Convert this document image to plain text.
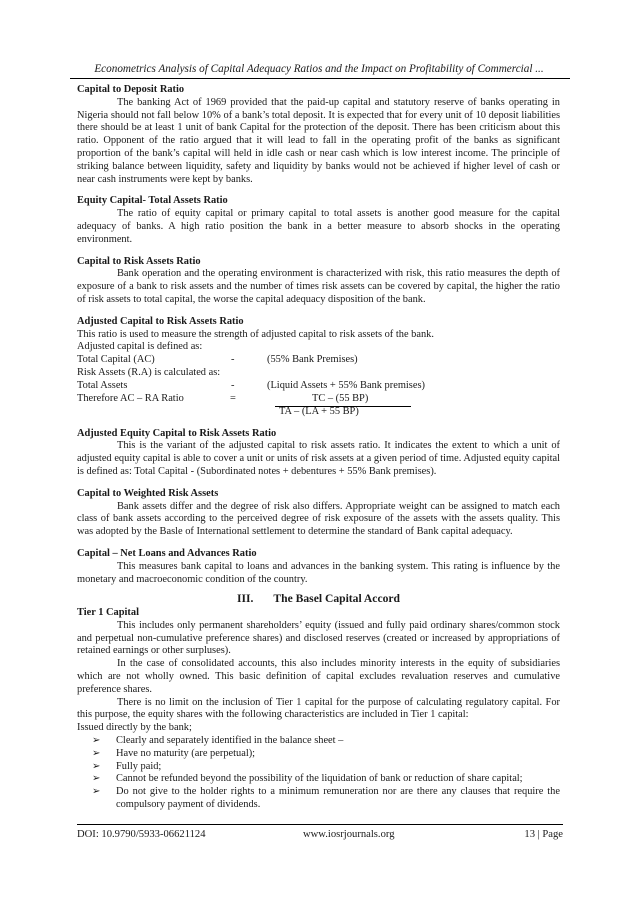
Econometrics Analysis of Capital Adequacy Ratios and the Impact on Profitability of Commercial ...
Capital to Deposit Ratio
The banking Act of 1969 provided that the paid-up capital and statutory reserve of banks operating in Nigeria should not fall below 10% of a bank’s total deposit. It is expected that for every unit of 10 deposit liabilities there should be at least 1 unit of bank Capital for the protection of the deposit. There has been criticism about this ratio. Opponent of the ratio argued that it will lead to fall in the operating profit of the banks as significant proportion of the bank’s capital will held in idle cash or near cash which is low interest income. The principle of striking balance between liquidity, safety and liquidity by banks would not be achieved if higher level of cash or near cash instruments were kept by banks.
Equity Capital- Total Assets Ratio
The ratio of equity capital or primary capital to total assets is another good measure for the capital adequacy of banks. A high ratio position the bank in a better measure to absorb shocks in the operating environment.
Capital to Risk Assets Ratio
Bank operation and the operating environment is characterized with risk, this ratio measures the depth of exposure of a bank to risk assets and the number of times risk assets can be covered by capital, the higher the ratio of risk assets to total capital, the worse the capital adequacy disposition of the bank.
Adjusted Capital to Risk Assets Ratio
This ratio is used to measure the strength of adjusted capital to risk assets of the bank.
Adjusted capital is defined as:
Total Capital (AC)	-	(55% Bank Premises)
Risk Assets (R.A) is calculated as:
Total Assets	-	(Liquid Assets + 55% Bank premises)
Therefore AC – RA Ratio	=	TC – (55 BP)
TA – (LA + 55 BP)
Adjusted Equity Capital to Risk Assets Ratio
This is the variant of the adjusted capital to risk assets ratio. It indicates the extent to which a unit of adjusted equity capital is able to cover a unit or units of risk assets at a given period of time. Adjusted equity capital is defined as: Total Capital - (Subordinated notes + debentures + 55% Bank premises).
Capital to Weighted Risk Assets
Bank assets differ and the degree of risk also differs. Appropriate weight can be assigned to match each class of bank assets according to the perceived degree of risk exposure of the assets with the assets quality. This was adopted by the Basle of International settlement to determine the standard of Bank capital adequacy.
Capital – Net Loans and Advances Ratio
This measures bank capital to loans and advances in the banking system. This rating is influence by the monetary and macroeconomic condition of the country.
III. The Basel Capital Accord
Tier 1 Capital
This includes only permanent shareholders’ equity (issued and fully paid ordinary shares/common stock and perpetual non-cumulative preference shares) and disclosed reserves (created or increased by appropriations of retained earnings or other surpluses).
In the case of consolidated accounts, this also includes minority interests in the equity of subsidiaries which are not wholly owned. This basic definition of capital excludes revaluation reserves and cumulative preference shares.
There is no limit on the inclusion of Tier 1 capital for the purpose of calculating regulatory capital. For this purpose, the equity shares with the following characteristics are included in Tier 1 capital:
Issued directly by the bank;
➢ Clearly and separately identified in the balance sheet –
➢ Have no maturity (are perpetual);
➢ Fully paid;
➢ Cannot be refunded beyond the possibility of the liquidation of bank or reduction of share capital;
➢ Do not give to the holder rights to a minimum remuneration nor are there any clauses that require the compulsory payment of dividends.
DOI: 10.9790/5933-06621124	www.iosrjournals.org	13 | Page
